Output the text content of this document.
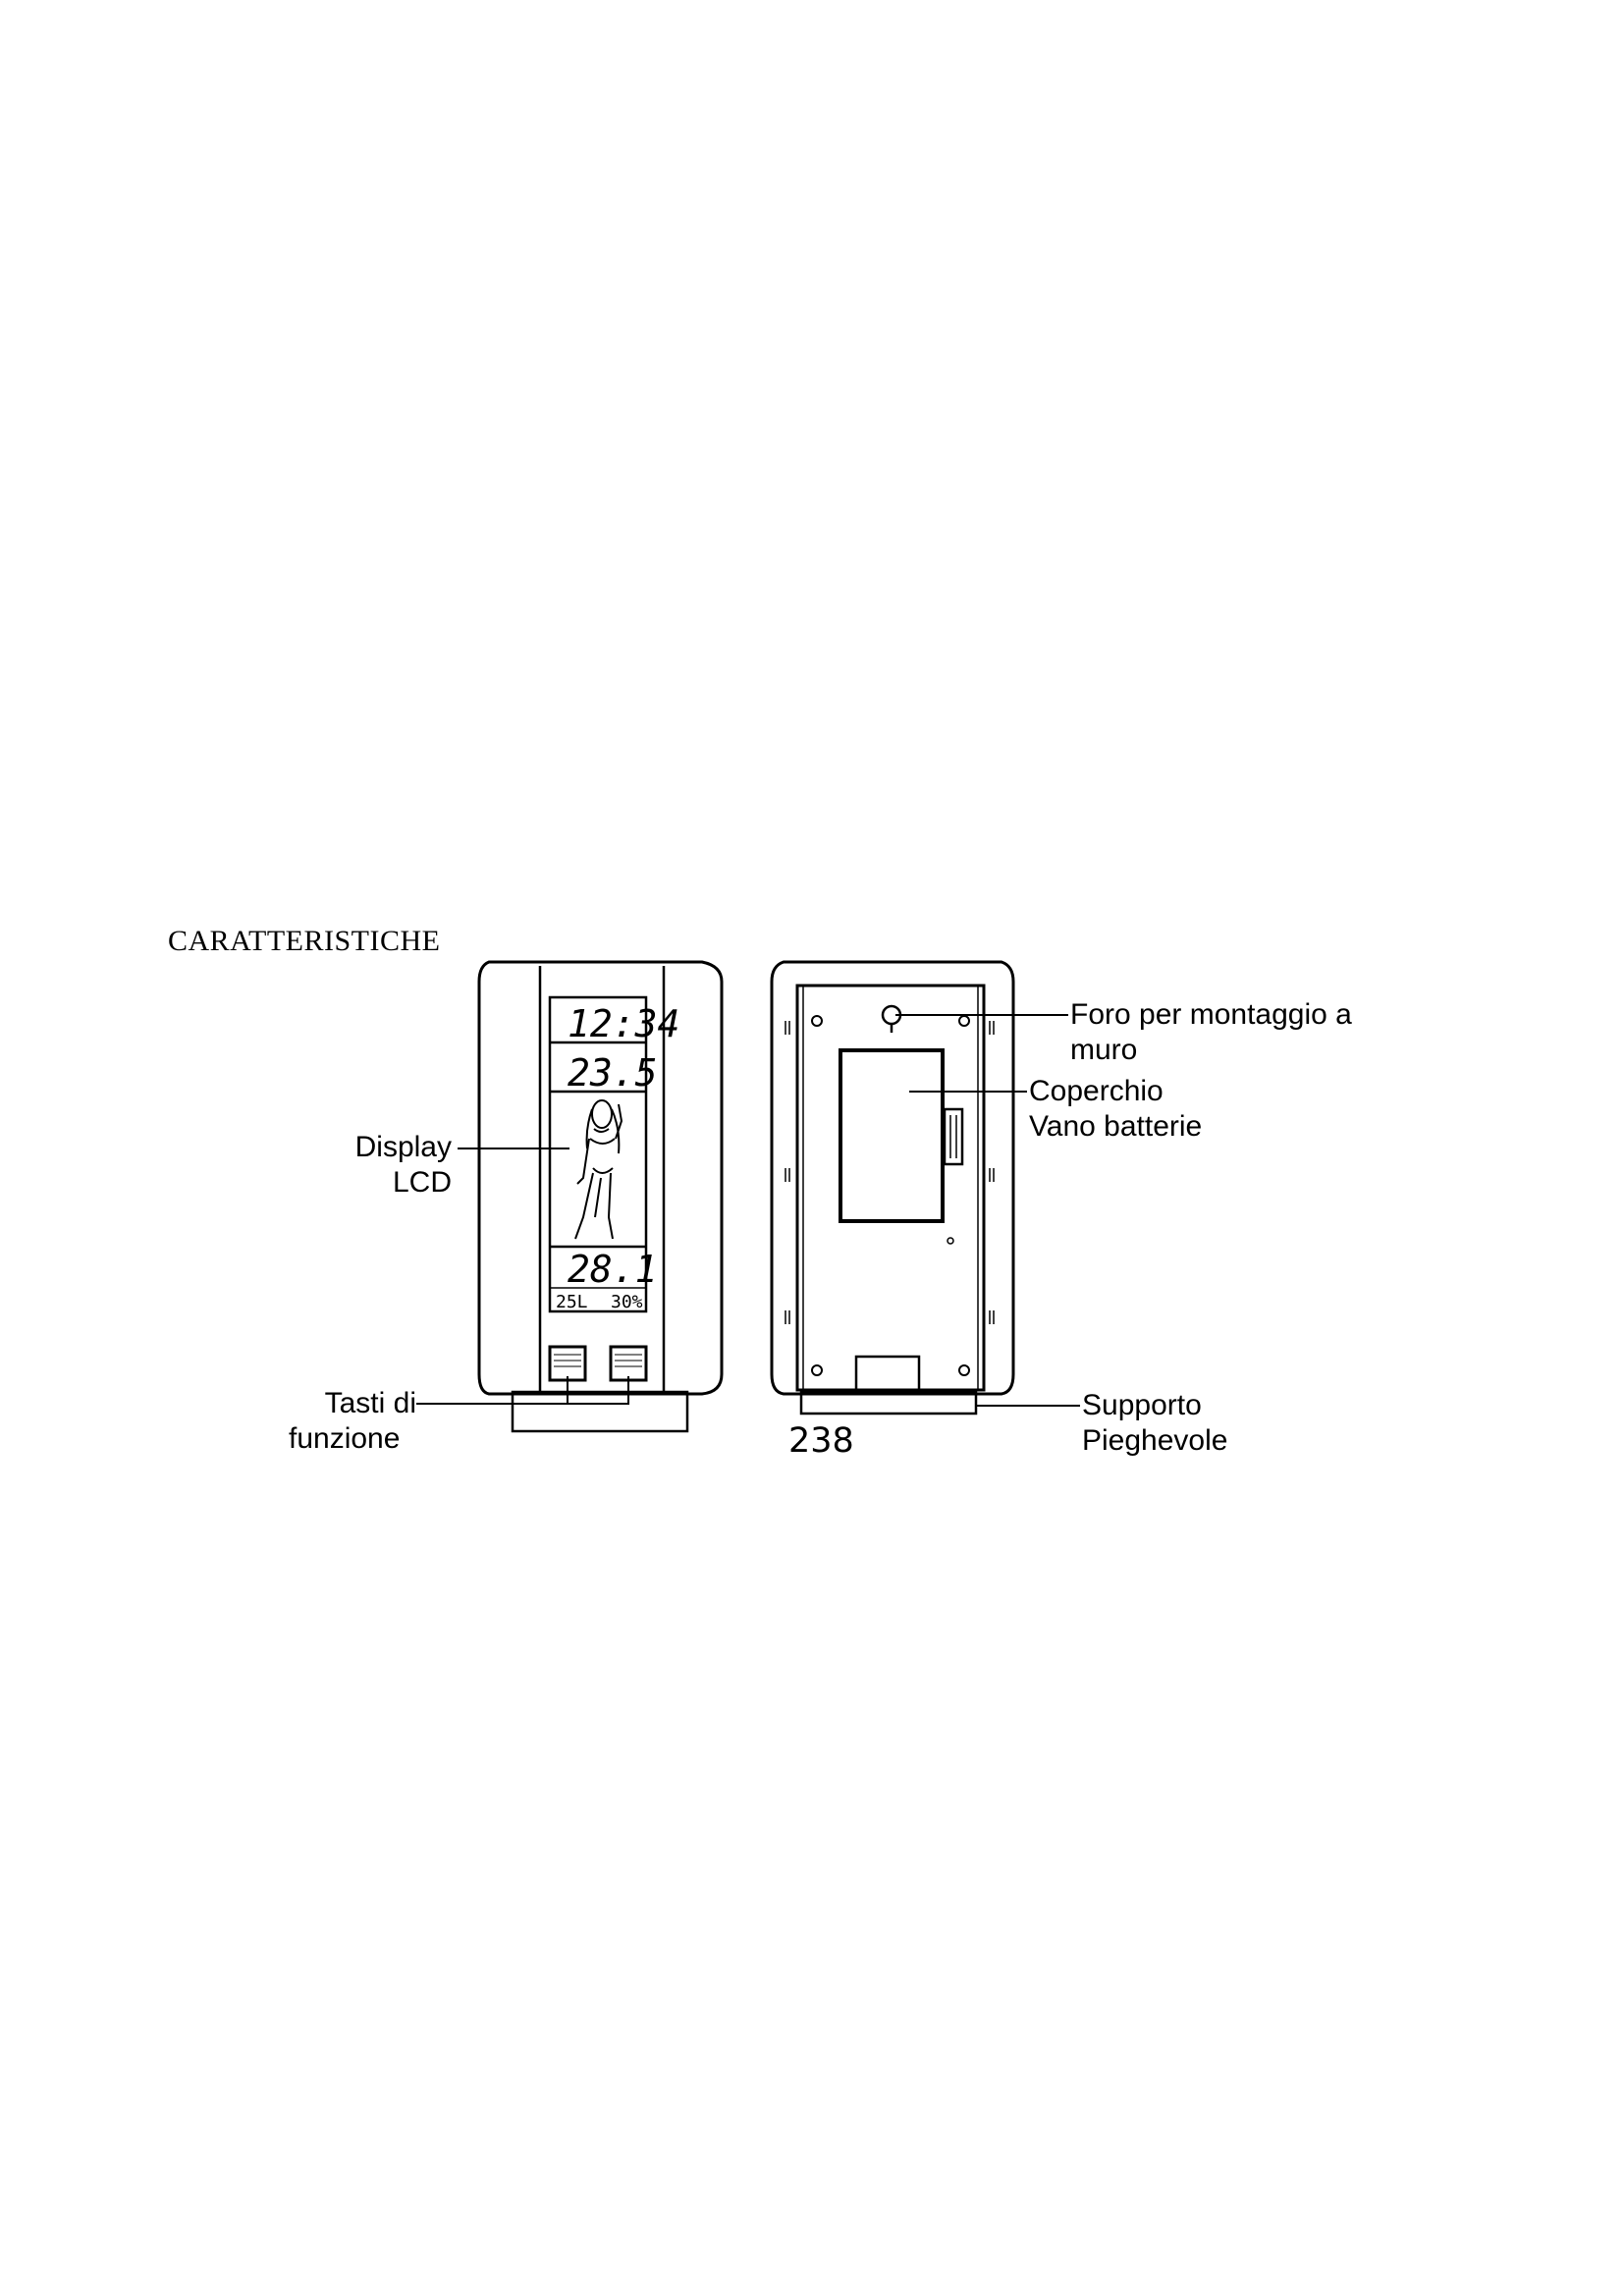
CARATTERISTICHE
12:34
23.5
28.1
25L 30%
Display
LCD
Tasti di
funzione
Foro per montaggio a
muro
Coperchio
Vano batterie
Supporto
Pieghevole
238
